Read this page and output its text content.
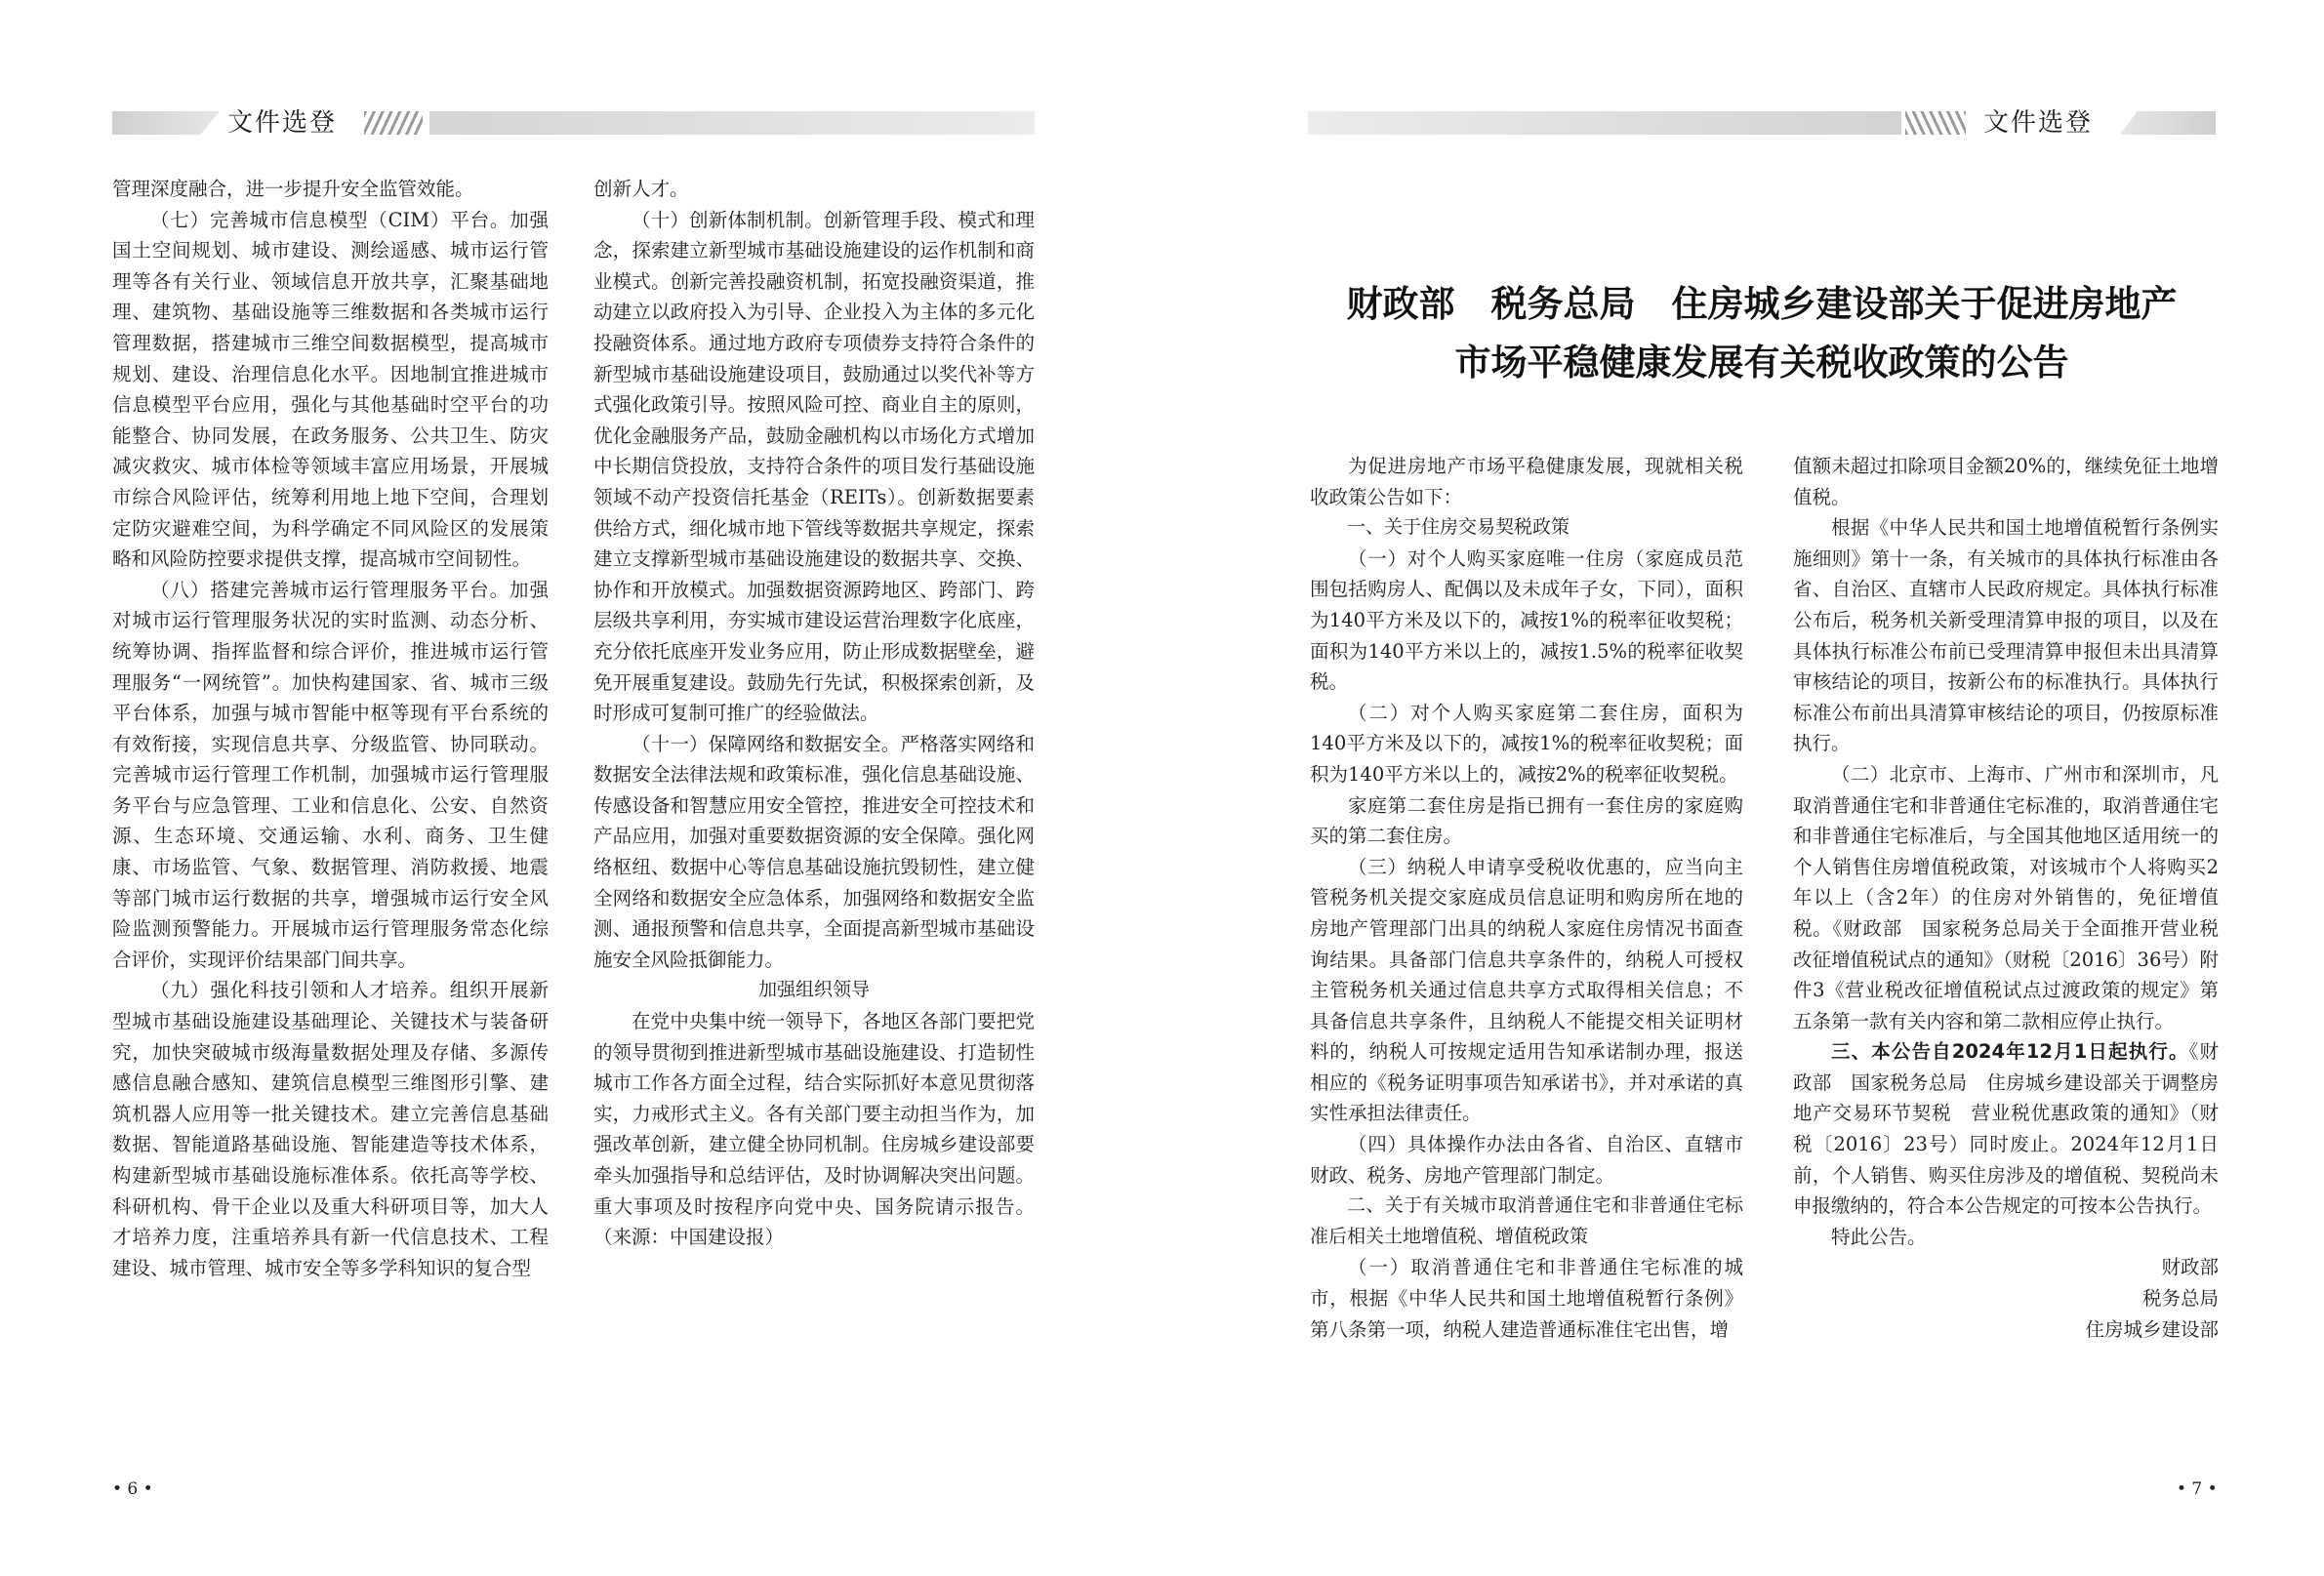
文件选登

管理深度融合，进一步提升安全监管效能。

（七）完善城市信息模型（CIM）平台。加强国土空间规划、城市建设、测绘遥感、城市运行管理等各有关行业、领域信息开放共享，汇聚基础地理、建筑物、基础设施等三维数据和各类城市运行管理数据，搭建城市三维空间数据模型，提高城市规划、建设、治理信息化水平。因地制宜推进城市信息模型平台应用，强化与其他基础时空平台的功能整合、协同发展，在政务服务、公共卫生、防灾减灾救灾、城市体检等领域丰富应用场景，开展城市综合风险评估，统筹利用地上地下空间，合理划定防灾避难空间，为科学确定不同风险区的发展策略和风险防控要求提供支撑，提高城市空间韧性。

（八）搭建完善城市运行管理服务平台。加强对城市运行管理服务状况的实时监测、动态分析、统筹协调、指挥监督和综合评价，推进城市运行管理服务“一网统管”。加快构建国家、省、城市三级平台体系，加强与城市智能中枢等现有平台系统的有效衔接，实现信息共享、分级监管、协同联动。完善城市运行管理工作机制，加强城市运行管理服务平台与应急管理、工业和信息化、公安、自然资源、生态环境、交通运输、水利、商务、卫生健康、市场监管、气象、数据管理、消防救援、地震等部门城市运行数据的共享，增强城市运行安全风险监测预警能力。开展城市运行管理服务常态化综合评价，实现评价结果部门间共享。

（九）强化科技引领和人才培养。组织开展新型城市基础设施建设基础理论、关键技术与装备研究，加快突破城市级海量数据处理及存储、多源传感信息融合感知、建筑信息模型三维图形引擎、建筑机器人应用等一批关键技术。建立完善信息基础数据、智能道路基础设施、智能建造等技术体系，构建新型城市基础设施标准体系。依托高等学校、科研机构、骨干企业以及重大科研项目等，加大人才培养力度，注重培养具有新一代信息技术、工程建设、城市管理、城市安全等多学科知识的复合型

创新人才。

（十）创新体制机制。创新管理手段、模式和理念，探索建立新型城市基础设施建设的运作机制和商业模式。创新完善投融资机制，拓宽投融资渠道，推动建立以政府投入为引导、企业投入为主体的多元化投融资体系。通过地方政府专项债券支持符合条件的新型城市基础设施建设项目，鼓励通过以奖代补等方式强化政策引导。按照风险可控、商业自主的原则，优化金融服务产品，鼓励金融机构以市场化方式增加中长期信贷投放，支持符合条件的项目发行基础设施领域不动产投资信托基金（REITs）。创新数据要素供给方式，细化城市地下管线等数据共享规定，探索建立支撑新型城市基础设施建设的数据共享、交换、协作和开放模式。加强数据资源跨地区、跨部门、跨层级共享利用，夯实城市建设运营治理数字化底座，充分依托底座开发业务应用，防止形成数据壁垒，避免开展重复建设。鼓励先行先试，积极探索创新，及时形成可复制可推广的经验做法。

（十一）保障网络和数据安全。严格落实网络和数据安全法律法规和政策标准，强化信息基础设施、传感设备和智慧应用安全管控，推进安全可控技术和产品应用，加强对重要数据资源的安全保障。强化网络枢纽、数据中心等信息基础设施抗毁韧性，建立健全网络和数据安全应急体系，加强网络和数据安全监测、通报预警和信息共享，全面提高新型城市基础设施安全风险抵御能力。

加强组织领导

在党中央集中统一领导下，各地区各部门要把党的领导贯彻到推进新型城市基础设施建设、打造韧性城市工作各方面全过程，结合实际抓好本意见贯彻落实，力戒形式主义。各有关部门要主动担当作为，加强改革创新，建立健全协同机制。住房城乡建设部要牵头加强指导和总结评估，及时协调解决突出问题。重大事项及时按程序向党中央、国务院请示报告。（来源：中国建设报）

• 6 •
文件选登
财政部　税务总局　住房城乡建设部关于促进房地产
市场平稳健康发展有关税收政策的公告

为促进房地产市场平稳健康发展，现就相关税收政策公告如下：

一、关于住房交易契税政策

（一）对个人购买家庭唯一住房（家庭成员范围包括购房人、配偶以及未成年子女，下同），面积为140平方米及以下的，减按1%的税率征收契税；面积为140平方米以上的，减按1.5%的税率征收契税。

（二）对个人购买家庭第二套住房，面积为140平方米及以下的，减按1%的税率征收契税；面积为140平方米以上的，减按2%的税率征收契税。

家庭第二套住房是指已拥有一套住房的家庭购买的第二套住房。

（三）纳税人申请享受税收优惠的，应当向主管税务机关提交家庭成员信息证明和购房所在地的房地产管理部门出具的纳税人家庭住房情况书面查询结果。具备部门信息共享条件的，纳税人可授权主管税务机关通过信息共享方式取得相关信息；不具备信息共享条件，且纳税人不能提交相关证明材料的，纳税人可按规定适用告知承诺制办理，报送相应的《税务证明事项告知承诺书》，并对承诺的真实性承担法律责任。

（四）具体操作办法由各省、自治区、直辖市财政、税务、房地产管理部门制定。

二、关于有关城市取消普通住宅和非普通住宅标准后相关土地增值税、增值税政策

（一）取消普通住宅和非普通住宅标准的城市，根据《中华人民共和国土地增值税暂行条例》第八条第一项，纳税人建造普通标准住宅出售，增

值额未超过扣除项目金额20%的，继续免征土地增值税。

根据《中华人民共和国土地增值税暂行条例实施细则》第十一条，有关城市的具体执行标准由各省、自治区、直辖市人民政府规定。具体执行标准公布后，税务机关新受理清算申报的项目，以及在具体执行标准公布前已受理清算申报但未出具清算审核结论的项目，按新公布的标准执行。具体执行标准公布前出具清算审核结论的项目，仍按原标准执行。

（二）北京市、上海市、广州市和深圳市，凡取消普通住宅和非普通住宅标准的，取消普通住宅和非普通住宅标准后，与全国其他地区适用统一的个人销售住房增值税政策，对该城市个人将购买2年以上（含2年）的住房对外销售的，免征增值税。《财政部　国家税务总局关于全面推开营业税改征增值税试点的通知》（财税〔2016〕36号）附件3《营业税改征增值税试点过渡政策的规定》第五条第一款有关内容和第二款相应停止执行。

三、本公告自2024年12月1日起执行。《财政部　国家税务总局　住房城乡建设部关于调整房地产交易环节契税　营业税优惠政策的通知》（财税〔2016〕23号）同时废止。2024年12月1日前，个人销售、购买住房涉及的增值税、契税尚未申报缴纳的，符合本公告规定的可按本公告执行。

特此公告。

财政部

税务总局

住房城乡建设部

• 7 •
